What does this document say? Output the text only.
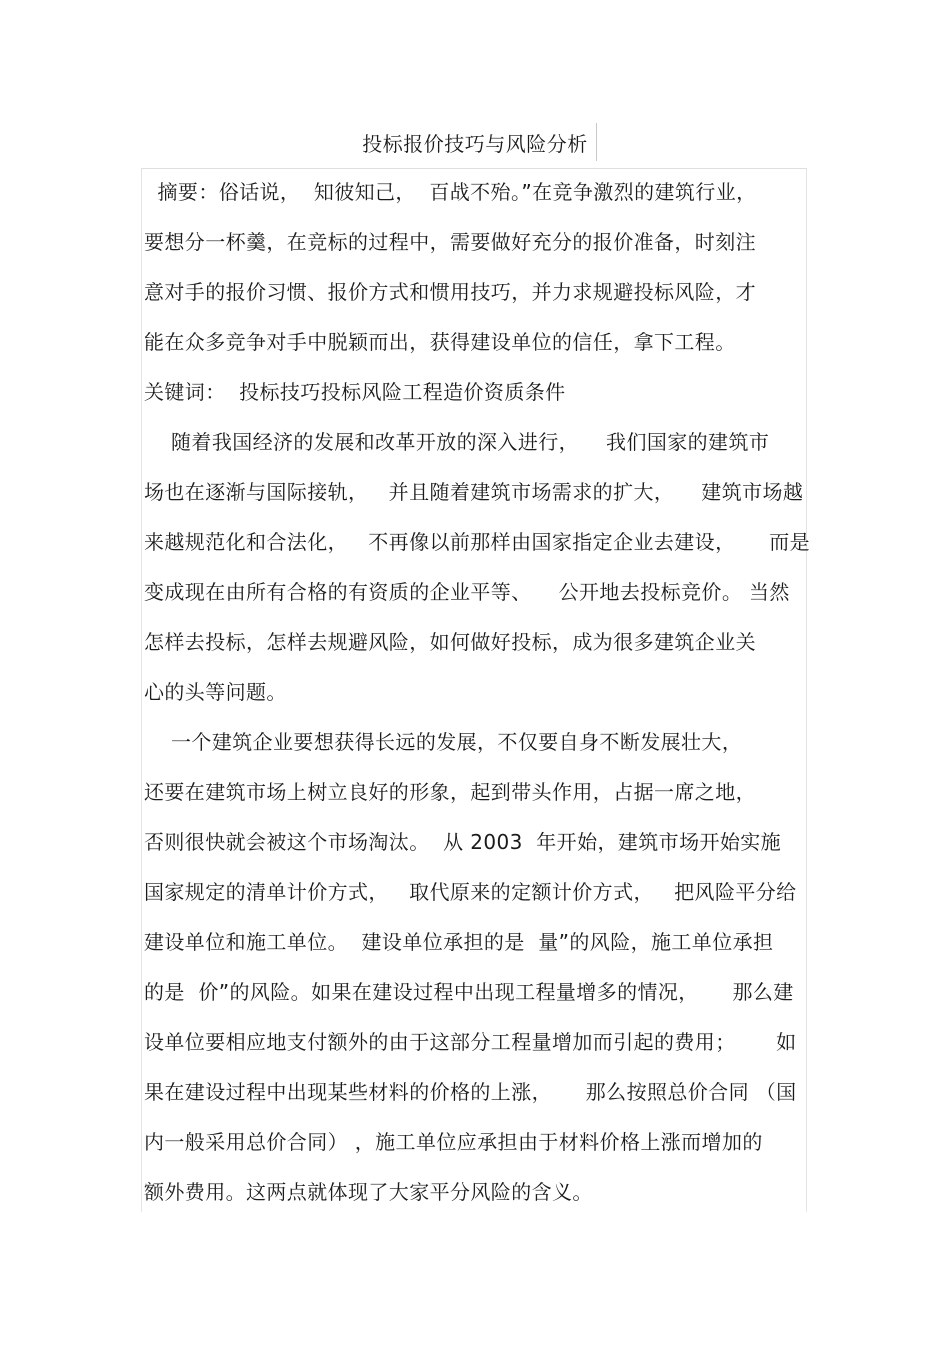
投标报价技巧与风险分析
摘要：俗话说，  知彼知己，  百战不殆。”在竞争激烈的建筑行业，
要想分一杯羹，在竞标的过程中，需要做好充分的报价准备，时刻注
意对手的报价习惯、报价方式和惯用技巧，并力求规避投标风险，才
能在众多竞争对手中脱颖而出，获得建设单位的信任，拿下工程。
关键词：  投标技巧投标风险工程造价资质条件
随着我国经济的发展和改革开放的深入进行，    我们国家的建筑市
场也在逐渐与国际接轨，   并且随着建筑市场需求的扩大，    建筑市场越
来越规范化和合法化，   不再像以前那样由国家指定企业去建设，     而是
变成现在由所有合格的有资质的企业平等、    公开地去投标竞价。 当然
怎样去投标，怎样去规避风险，如何做好投标，成为很多建筑企业关
心的头等问题。
一个建筑企业要想获得长远的发展，不仅要自身不断发展壮大，
还要在建筑市场上树立良好的形象，起到带头作用，占据一席之地，
否则很快就会被这个市场淘汰。  从 2003  年开始，建筑市场开始实施
国家规定的清单计价方式，   取代原来的定额计价方式，   把风险平分给
建设单位和施工单位。  建设单位承担的是  量”的风险，施工单位承担
的是  价”的风险。如果在建设过程中出现工程量增多的情况，     那么建
设单位要相应地支付额外的由于这部分工程量增加而引起的费用；      如
果在建设过程中出现某些材料的价格的上涨，     那么按照总价合同 （国
内一般采用总价合同） ，施工单位应承担由于材料价格上涨而增加的
额外费用。这两点就体现了大家平分风险的含义。
